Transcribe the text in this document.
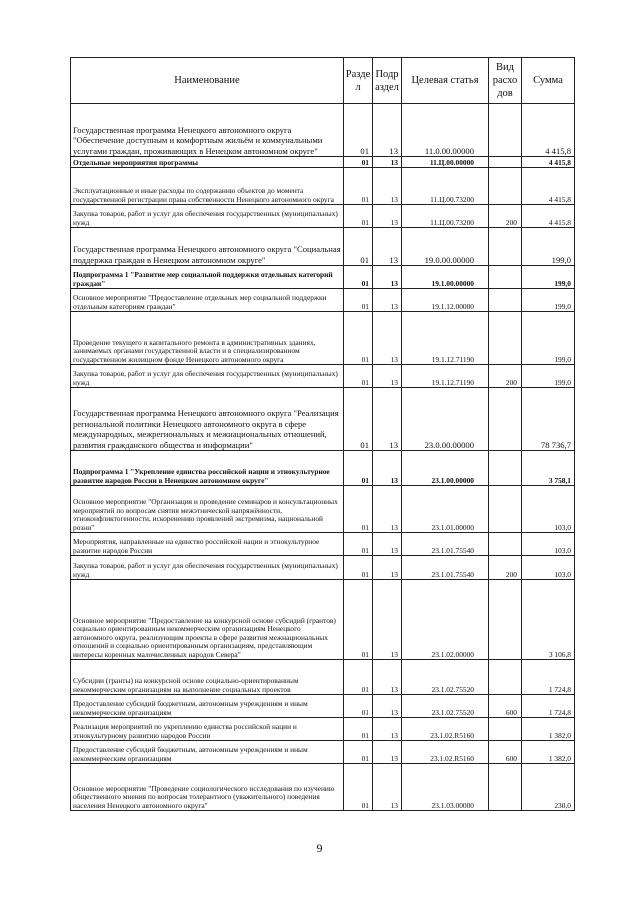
Наименование	Разде л	Подр аздел	Целевая статья	Вид расхо дов	Сумма
Государственная программа Ненецкого автономного округа "Обеспечение доступным и комфортным жильём и коммунальными услугами граждан, проживающих в Ненецком автономном округе"	01	13	11.0.00.00000		4 415,8
Отдельные мероприятия программы	01	13	11.Ц.00.00000		4 415,8
Эксплуатационные и иные расходы по содержанию объектов до момента государственной регистрации права собственности Ненецкого автономного округа	01	13	11.Ц.00.73200		4 415,8
Закупка товаров, работ и услуг для обеспечения государственных (муниципальных) нужд	01	13	11.Ц.00.73200	200	4 415,8
Государственная программа Ненецкого автономного округа "Социальная поддержка граждан в Ненецком автономном округе"	01	13	19.0.00.00000		199,0
Подпрограмма 1 "Развитие мер социальной поддержки отдельных категорий граждан"	01	13	19.1.00.00000		199,0
Основное мероприятие "Предоставление отдельных мер социальной поддержки отдельным категориям граждан"	01	13	19.1.12.00000		199,0
Проведение текущего и капитального ремонта в административных зданиях, занимаемых органами государственной власти и в специализированном государственном жилищном фонде Ненецкого автономного округа	01	13	19.1.12.71190		199,0
Закупка товаров, работ и услуг для обеспечения государственных (муниципальных) нужд	01	13	19.1.12.71190	200	199,0
Государственная программа Ненецкого автономного округа "Реализация региональной политики Ненецкого автономного округа в сфере международных, межрегиональных и межнациональных отношений, развития гражданского общества и информации"	01	13	23.0.00.00000		78 736,7
Подпрограмма 1 "Укрепление единства российской нации и этнокультурное развитие народов России в Ненецком автономном округе"	01	13	23.1.00.00000		3 758,1
Основное мероприятие "Организация и проведение семинаров и консультационных мероприятий по вопросам снятия межэтнической напряжённости, этноконфликтогенности, искоренению проявлений экстремизма, национальной розни"	01	13	23.1.01.00000		103,0
Мероприятия, направленные на единство российской нации и этнокультурное развитие народов России	01	13	23.1.01.75540		103,0
Закупка товаров, работ и услуг для обеспечения государственных (муниципальных) нужд	01	13	23.1.01.75540	200	103,0
Основное мероприятие "Предоставление на конкурсной основе субсидий (грантов) социально ориентированным некоммерческим организациям Ненецкого автономного округа, реализующим проекты в сфере развития межнациональных отношений и социально ориентированным организациям, представляющим интересы коренных малочисленных народов Севера"	01	13	23.1.02.00000		3 106,8
Субсидии (гранты) на конкурсной основе социально-ориентированным некоммерческим организациям на выполнение социальных проектов	01	13	23.1.02.75520		1 724,8
Предоставление субсидий бюджетным, автономным учреждениям и иным некоммерческим организациям	01	13	23.1.02.75520	600	1 724,8
Реализация мероприятий по укреплению единства российской нации и этнокультурному развитию народов России	01	13	23.1.02.R5160		1 382,0
Предоставление субсидий бюджетным, автономным учреждениям и иным некоммерческим организациям	01	13	23.1.02.R5160	600	1 382,0
Основное мероприятие "Проведение социологического исследования по изучению общественного мнения по вопросам толерантного (уважительного) поведения населения Ненецкого автономного округа"	01	13	23.1.03.00000		230,0
9
